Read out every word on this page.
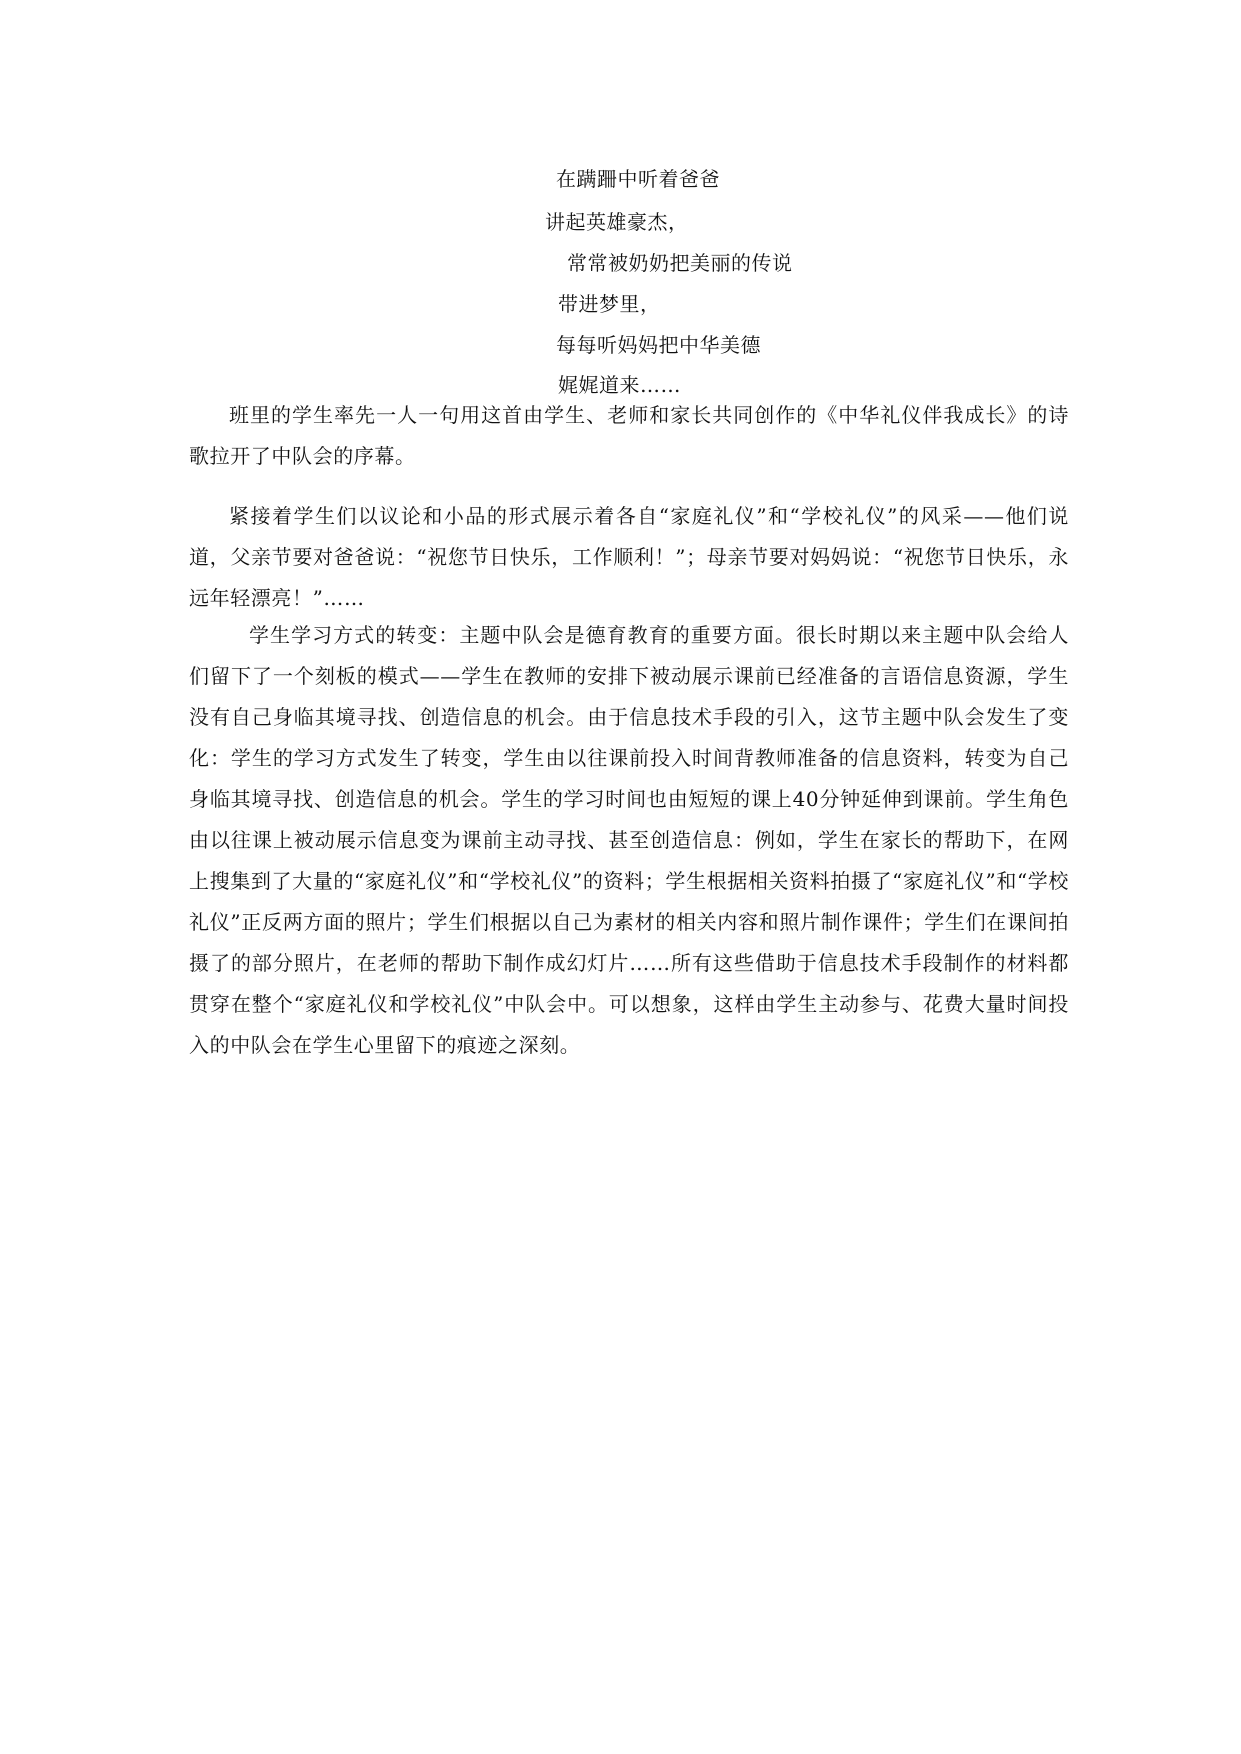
在蹒跚中听着爸爸
讲起英雄豪杰，
常常被奶奶把美丽的传说
带进梦里，
每每听妈妈把中华美德
娓娓道来……

班里的学生率先一人一句用这首由学生、老师和家长共同创作的《中华礼仪伴我成长》的诗歌拉开了中队会的序幕。

紧接着学生们以议论和小品的形式展示着各自“家庭礼仪”和“学校礼仪”的风采——他们说道，父亲节要对爸爸说：“祝您节日快乐，工作顺利！”；母亲节要对妈妈说：“祝您节日快乐，永远年轻漂亮！”……

学生学习方式的转变：主题中队会是德育教育的重要方面。很长时期以来主题中队会给人们留下了一个刻板的模式——学生在教师的安排下被动展示课前已经准备的言语信息资源，学生没有自己身临其境寻找、创造信息的机会。由于信息技术手段的引入，这节主题中队会发生了变化：学生的学习方式发生了转变，学生由以往课前投入时间背教师准备的信息资料，转变为自己身临其境寻找、创造信息的机会。学生的学习时间也由短短的课上40分钟延伸到课前。学生角色由以往课上被动展示信息变为课前主动寻找、甚至创造信息：例如，学生在家长的帮助下，在网上搜集到了大量的“家庭礼仪”和“学校礼仪”的资料；学生根据相关资料拍摄了“家庭礼仪”和“学校礼仪”正反两方面的照片；学生们根据以自己为素材的相关内容和照片制作课件；学生们在课间拍摄了的部分照片，在老师的帮助下制作成幻灯片……所有这些借助于信息技术手段制作的材料都贯穿在整个“家庭礼仪和学校礼仪”中队会中。可以想象，这样由学生主动参与、花费大量时间投入的中队会在学生心里留下的痕迹之深刻。
